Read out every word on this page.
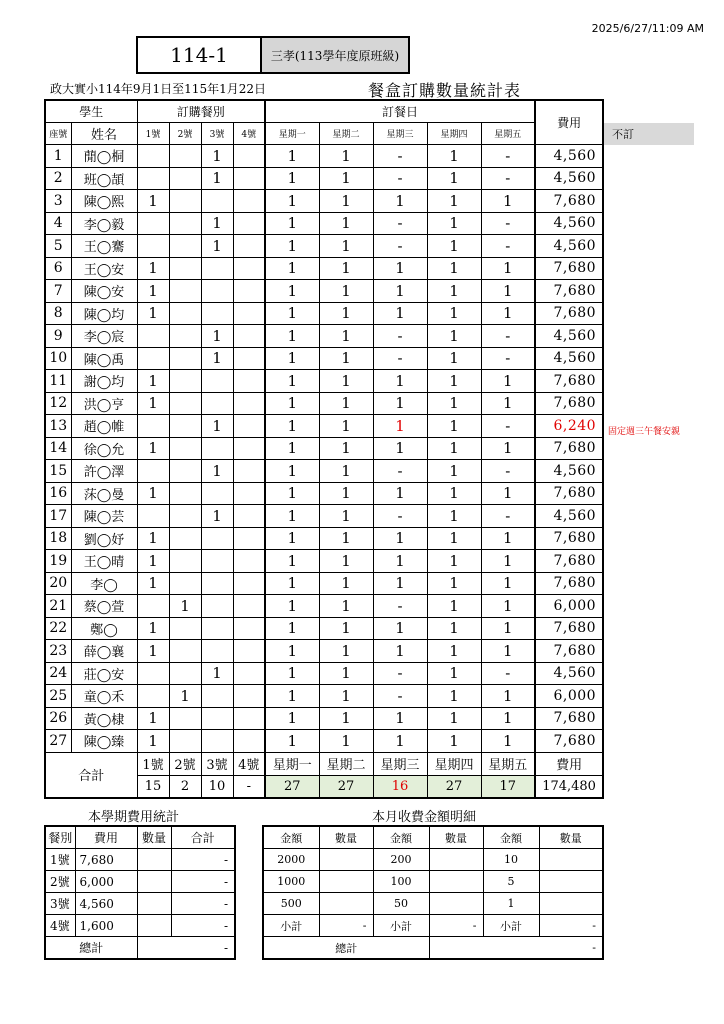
2025/6/27/11:09 AM
114-1	三孝(113學年度原班級)
政大實小114年9月1日至115年1月22日	餐盒訂購數量統計表
不訂
固定週三午餐安親
學生		訂購餐別				訂餐日					費用
座號	姓名	1號	2號	3號	4號	星期一	星期二	星期三	星期四	星期五	
1	蕑◯桐			1		1	1	-	1	-	4,560
2	班◯頡			1		1	1	-	1	-	4,560
3	陳◯熙	1				1	1	1	1	1	7,680
4	李◯毅			1		1	1	-	1	-	4,560
5	王◯騫			1		1	1	-	1	-	4,560
6	王◯安	1				1	1	1	1	1	7,680
7	陳◯安	1				1	1	1	1	1	7,680
8	陳◯均	1				1	1	1	1	1	7,680
9	李◯宸			1		1	1	-	1	-	4,560
10	陳◯禹			1		1	1	-	1	-	4,560
11	謝◯均	1				1	1	1	1	1	7,680
12	洪◯亨	1				1	1	1	1	1	7,680
13	趙◯帷			1		1	1	1	1	-	6,240
14	徐◯允	1				1	1	1	1	1	7,680
15	許◯澤			1		1	1	-	1	-	4,560
16	莯◯曼	1				1	1	1	1	1	7,680
17	陳◯芸			1		1	1	-	1	-	4,560
18	劉◯妤	1				1	1	1	1	1	7,680
19	王◯晴	1				1	1	1	1	1	7,680
20	李◯	1				1	1	1	1	1	7,680
21	蔡◯萱		1			1	1	-	1	1	6,000
22	鄭◯	1				1	1	1	1	1	7,680
23	薛◯襄	1				1	1	1	1	1	7,680
24	莊◯安			1		1	1	-	1	-	4,560
25	童◯禾		1			1	1	-	1	1	6,000
26	黃◯棣	1				1	1	1	1	1	7,680
27	陳◯臻	1				1	1	1	1	1	7,680
合計		1號	2號	3號	4號	星期一	星期二	星期三	星期四	星期五	費用
		15	2	10	-	27	27	16	27	17	174,480
本學期費用統計	本月收費金額明細
餐別	費用	數量	合計
1號	7,680		-
2號	6,000		-
3號	4,560		-
4號	1,600		-
總計		-	
金額	數量	金額	數量	金額	數量
2000		200		10	
1000		100		5	
500		50		1	
小計	-	小計	-	小計	-
總計			-		
